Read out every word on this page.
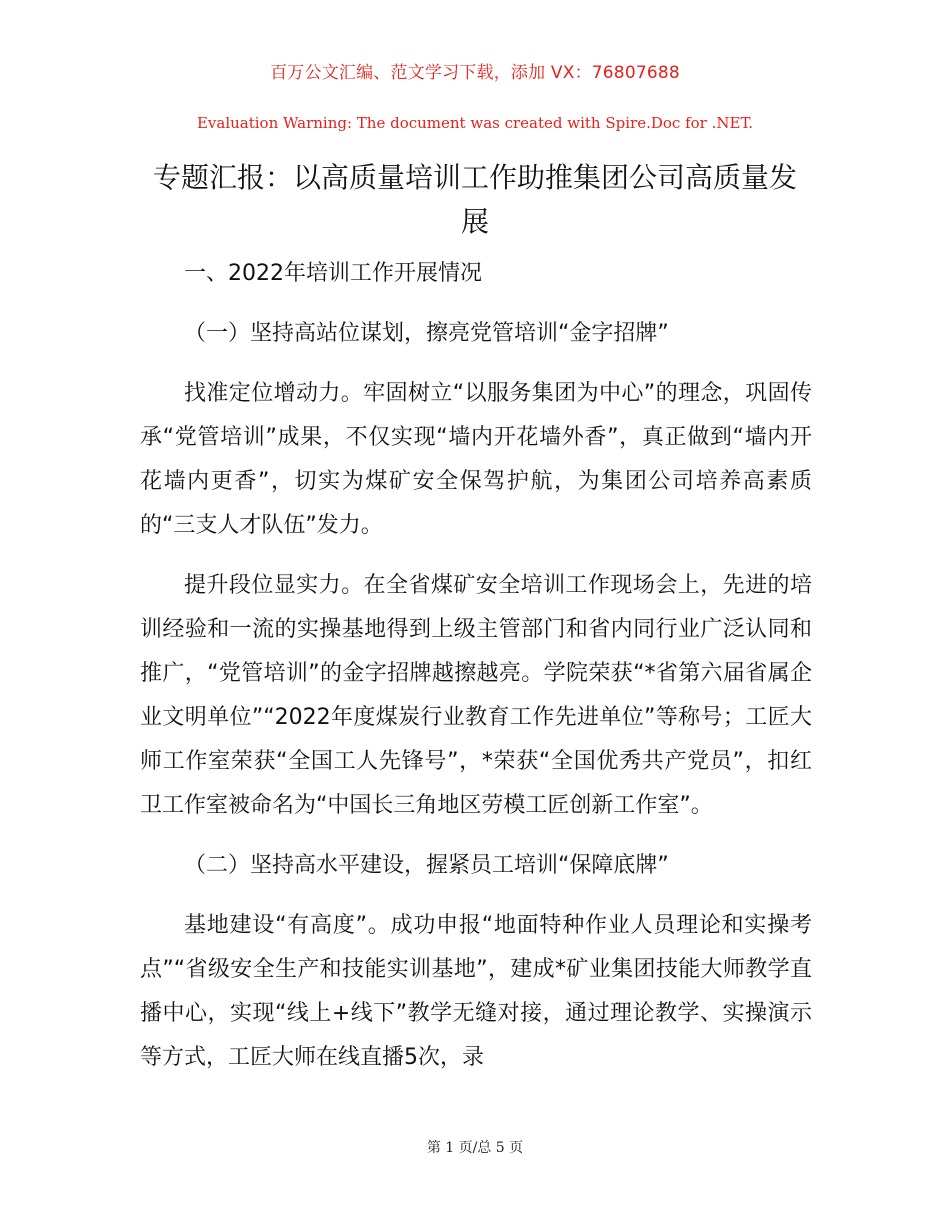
百万公文汇编、范文学习下载，添加 VX：76807688
Evaluation Warning: The document was created with Spire.Doc for .NET.
专题汇报：以高质量培训工作助推集团公司高质量发展

一、2022年培训工作开展情况

（一）坚持高站位谋划，擦亮党管培训“金字招牌”

找准定位增动力。牢固树立“以服务集团为中心”的理念，巩固传承“党管培训”成果，不仅实现“墙内开花墙外香”，真正做到“墙内开花墙内更香”，切实为煤矿安全保驾护航，为集团公司培养高素质的“三支人才队伍”发力。

提升段位显实力。在全省煤矿安全培训工作现场会上，先进的培训经验和一流的实操基地得到上级主管部门和省内同行业广泛认同和推广，“党管培训”的金字招牌越擦越亮。学院荣获“*省第六届省属企业文明单位”“2022年度煤炭行业教育工作先进单位”等称号；工匠大师工作室荣获“全国工人先锋号”，*荣获“全国优秀共产党员”，扣红卫工作室被命名为“中国长三角地区劳模工匠创新工作室”。

（二）坚持高水平建设，握紧员工培训“保障底牌”

基地建设“有高度”。成功申报“地面特种作业人员理论和实操考点”“省级安全生产和技能实训基地”，建成*矿业集团技能大师教学直播中心，实现“线上+线下”教学无缝对接，通过理论教学、实操演示等方式，工匠大师在线直播5次，录

第 1 页/总 5 页
